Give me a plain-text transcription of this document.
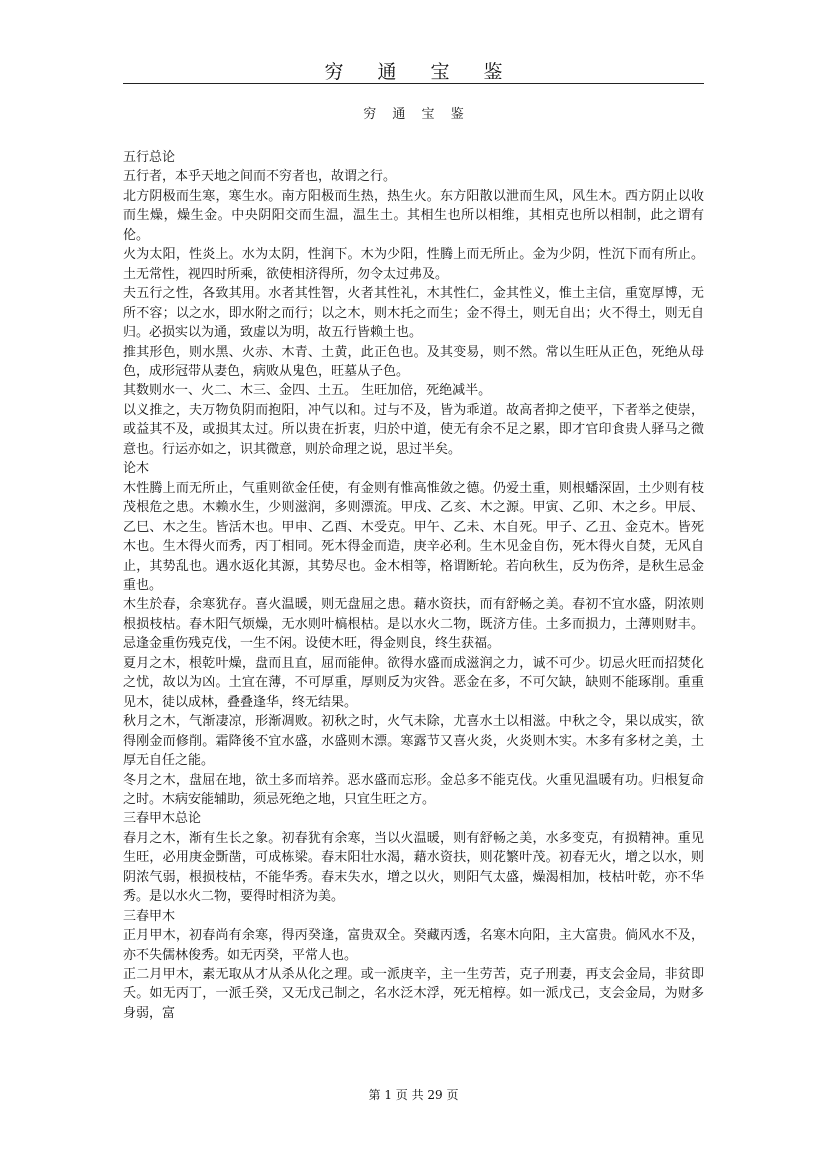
穷 通 宝 鉴
穷 通 宝 鉴

五行总论

五行者，本乎天地之间而不穷者也，故谓之行。

北方阴极而生寒，寒生水。南方阳极而生热，热生火。东方阳散以泄而生风，风生木。西方阴止以收而生燥，燥生金。中央阴阳交而生温，温生土。其相生也所以相维，其相克也所以相制，此之谓有伦。

火为太阳，性炎上。水为太阴，性润下。木为少阳，性腾上而无所止。金为少阴，性沉下而有所止。土无常性，视四时所乘，欲使相济得所，勿令太过弗及。

夫五行之性，各致其用。水者其性智，火者其性礼，木其性仁，金其性义，惟土主信，重宽厚博，无所不容；以之水，即水附之而行；以之木，则木托之而生；金不得土，则无自出；火不得土，则无自归。必损实以为通，致虚以为明，故五行皆赖土也。

推其形色，则水黑、火赤、木青、土黄，此正色也。及其变易，则不然。常以生旺从正色，死绝从母色，成形冠带从妻色，病败从鬼色，旺墓从子色。

其数则水一、火二、木三、金四、土五。 生旺加倍，死绝减半。

以义推之，夫万物负阴而抱阳，冲气以和。过与不及，皆为乖道。故高者抑之使平，下者举之使崇，或益其不及，或损其太过。所以贵在折衷，归於中道，使无有余不足之累，即才官印食贵人驿马之微意也。行运亦如之，识其微意，则於命理之说，思过半矣。

论木

木性腾上而无所止，气重则欲金任使，有金则有惟高惟敛之德。仍爱土重，则根蟠深固，土少则有枝茂根危之患。木赖水生，少则滋润，多则漂流。甲戌、乙亥、木之源。甲寅、乙卯、木之乡。甲辰、乙巳、木之生。皆活木也。甲申、乙酉、木受克。甲午、乙未、木自死。甲子、乙丑、金克木。皆死木也。生木得火而秀，丙丁相同。死木得金而造，庚辛必利。生木见金自伤，死木得火自焚，无风自止，其势乱也。遇水返化其源，其势尽也。金木相等，格谓断轮。若向秋生，反为伤斧，是秋生忌金重也。

木生於春，余寒犹存。喜火温暖，则无盘屈之患。藉水资扶，而有舒畅之美。春初不宜水盛，阴浓则根损枝枯。春木阳气烦燥，无水则叶槁根枯。是以水火二物，既济方佳。土多而损力，土薄则财丰。忌逢金重伤残克伐，一生不闲。设使木旺，得金则良，终生获福。

夏月之木，根乾叶燥，盘而且直，屈而能伸。欲得水盛而成滋润之力，诚不可少。切忌火旺而招焚化之忧，故以为凶。土宜在薄，不可厚重，厚则反为灾咎。恶金在多，不可欠缺，缺则不能琢削。重重见木，徒以成林，叠叠逢华，终无结果。

秋月之木，气渐凄凉，形渐凋败。初秋之时，火气未除，尤喜水土以相滋。中秋之令，果以成实，欲得刚金而修削。霜降後不宜水盛，水盛则木漂。寒露节又喜火炎，火炎则木实。木多有多材之美，土厚无自任之能。

冬月之木，盘屈在地，欲土多而培养。恶水盛而忘形。金总多不能克伐。火重见温暖有功。归根复命之时。木病安能辅助，须忌死绝之地，只宜生旺之方。

三春甲木总论

春月之木，渐有生长之象。初春犹有余寒，当以火温暖，则有舒畅之美，水多变克，有损精神。重见生旺，必用庚金斲凿，可成栋梁。春末阳壮水渴，藉水资扶，则花繁叶茂。初春无火，增之以水，则阴浓气弱，根损枝枯，不能华秀。春末失水，增之以火，则阳气太盛，燥渴相加，枝枯叶乾，亦不华秀。是以水火二物，要得时相济为美。

三春甲木

正月甲木，初春尚有余寒，得丙癸逢，富贵双全。癸藏丙透，名寒木向阳，主大富贵。倘风水不及，亦不失儒林俊秀。如无丙癸，平常人也。

正二月甲木，素无取从才从杀从化之理。或一派庚辛，主一生劳苦，克子刑妻，再支会金局，非贫即夭。如无丙丁，一派壬癸，又无戊己制之，名水泛木浮，死无棺椁。如一派戊己，支会金局，为财多身弱，富

第 1 页 共 29 页
